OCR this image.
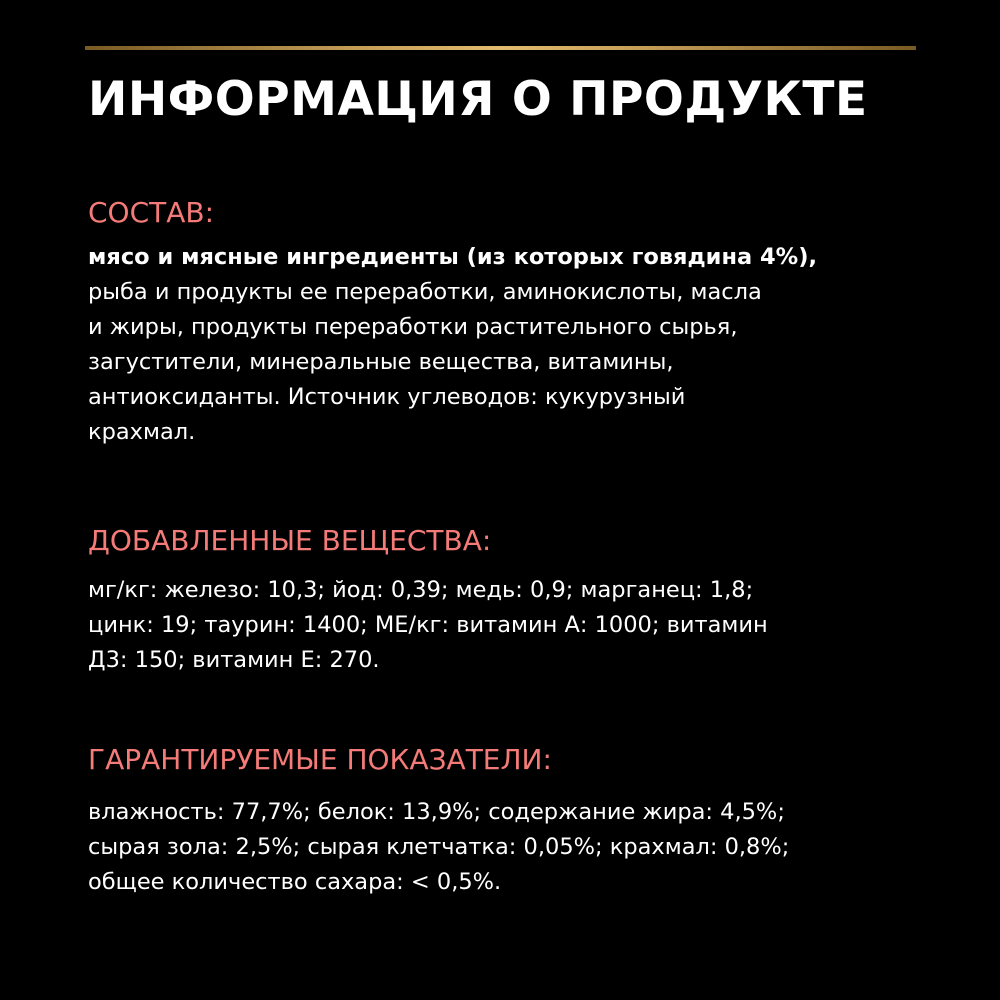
ИНФОРМАЦИЯ О ПРОДУКТЕ
СОСТАВ:
мясо и мясные ингредиенты (из которых говядина 4%),
рыба и продукты ее переработки, аминокислоты, масла
и жиры, продукты переработки растительного сырья,
загустители, минеральные вещества, витамины,
антиоксиданты. Источник углеводов: кукурузный
крахмал.
ДОБАВЛЕННЫЕ ВЕЩЕСТВА:
мг/кг: железо: 10,3; йод: 0,39; медь: 0,9; марганец: 1,8;
цинк: 19; таурин: 1400; МЕ/кг: витамин А: 1000; витамин
Д3: 150; витамин Е: 270.
ГАРАНТИРУЕМЫЕ ПОКАЗАТЕЛИ:
влажность: 77,7%; белок: 13,9%; содержание жира: 4,5%;
сырая зола: 2,5%; сырая клетчатка: 0,05%; крахмал: 0,8%;
общее количество сахара: < 0,5%.
